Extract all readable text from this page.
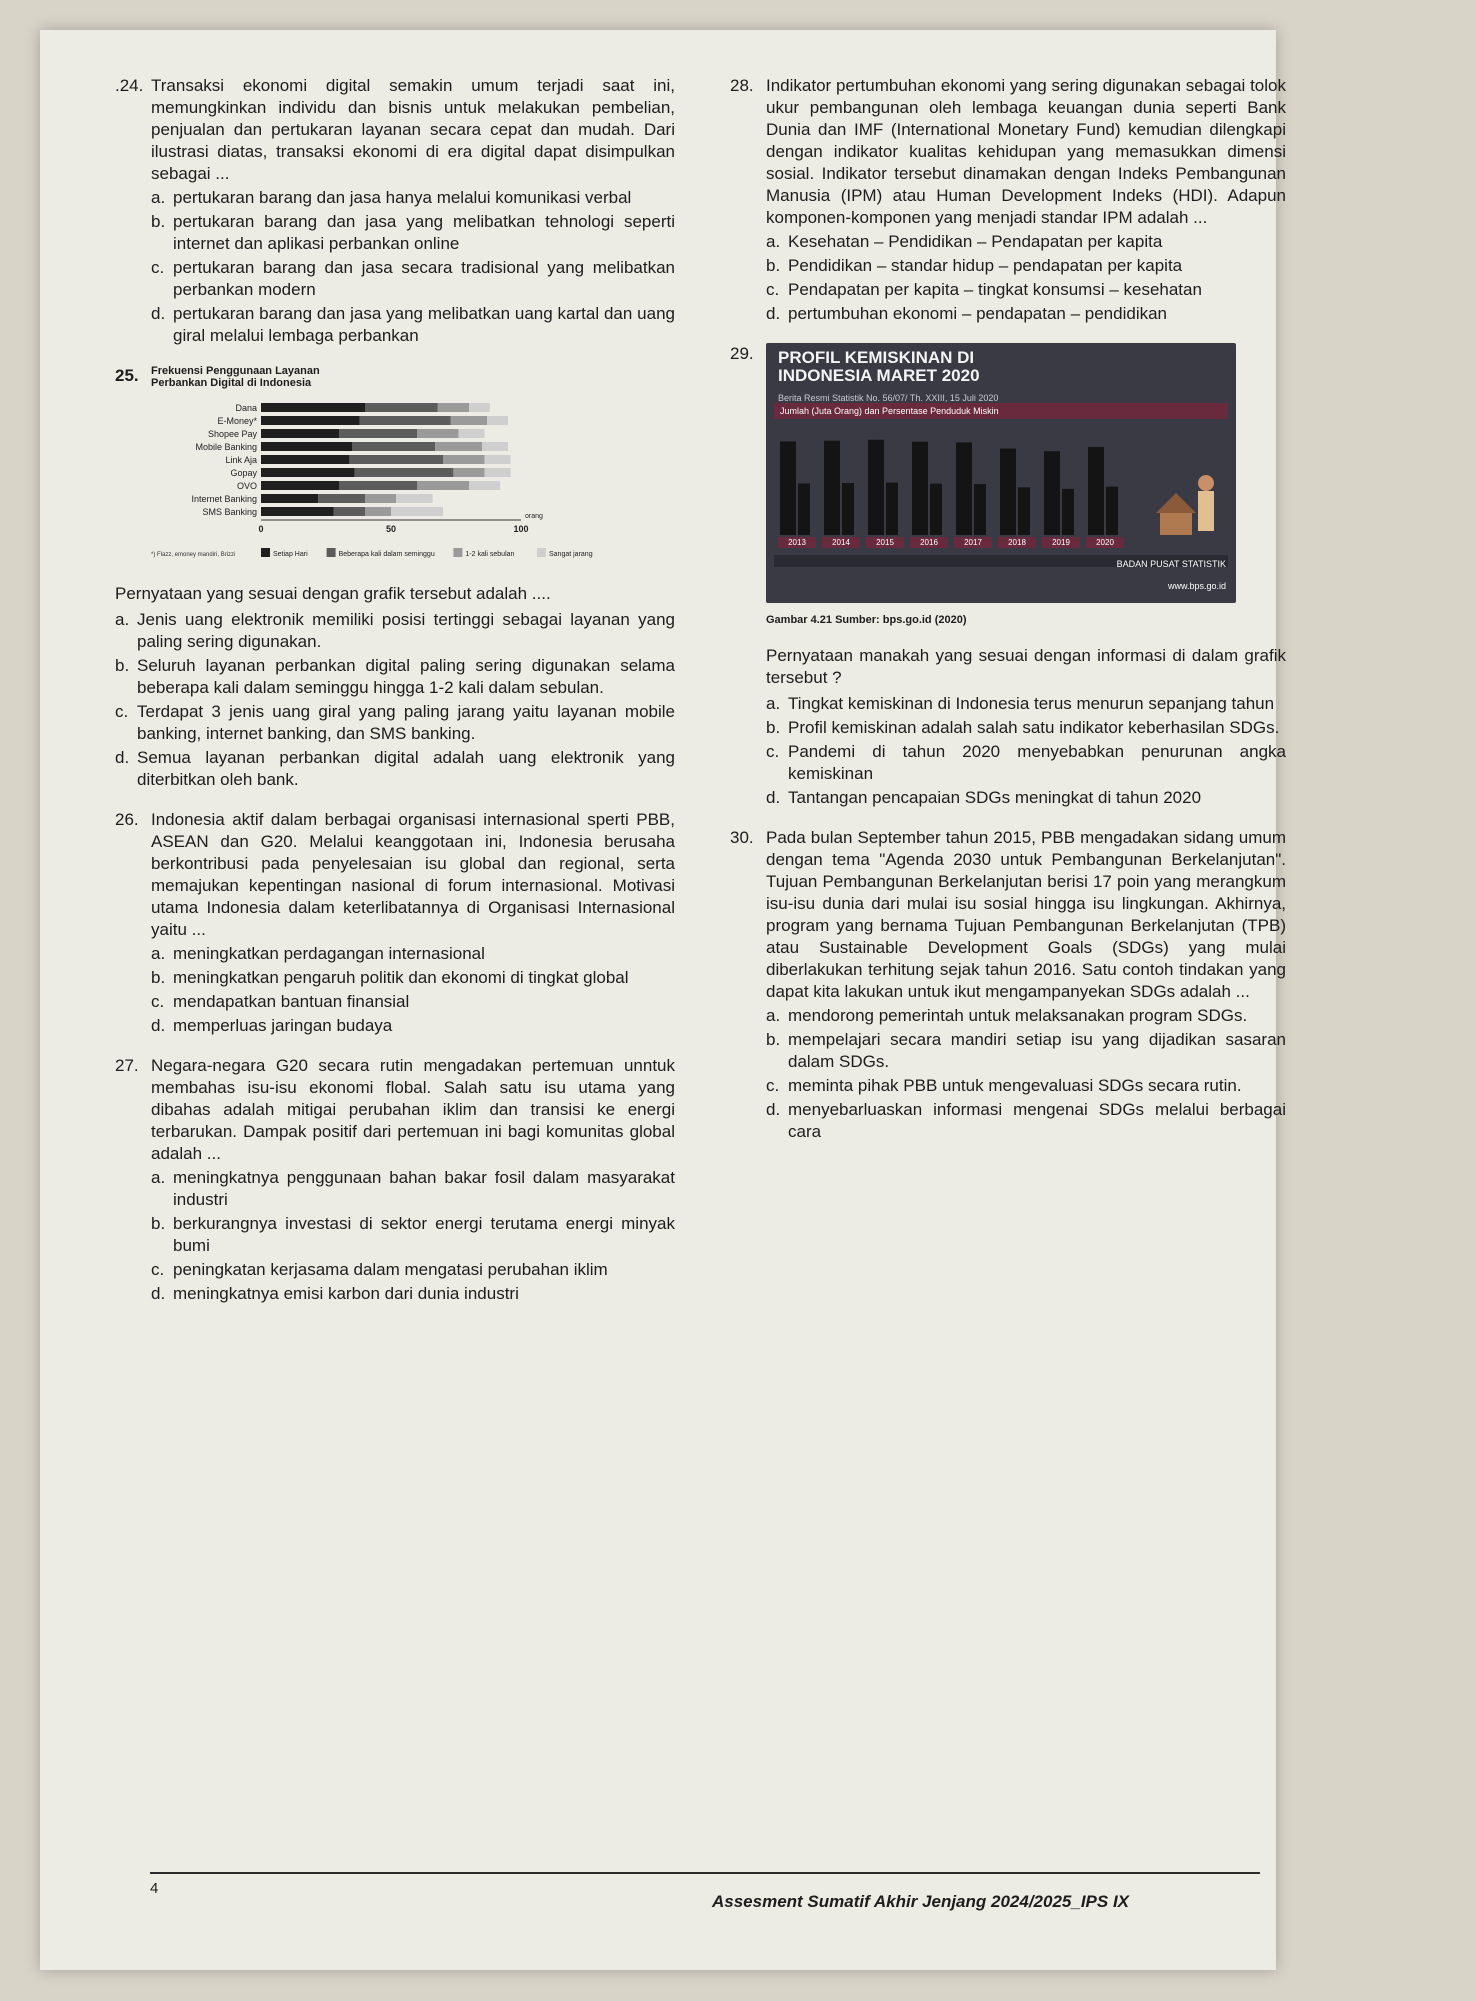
.24. Transaksi ekonomi digital semakin umum terjadi saat ini, memungkinkan individu dan bisnis untuk melakukan pembelian, penjualan dan pertukaran layanan secara cepat dan mudah. Dari ilustrasi diatas, transaksi ekonomi di era digital dapat disimpulkan sebagai ...
a. pertukaran barang dan jasa hanya melalui komunikasi verbal
b. pertukaran barang dan jasa yang melibatkan tehnologi seperti internet dan aplikasi perbankan online
c. pertukaran barang dan jasa secara tradisional yang melibatkan perbankan modern
d. pertukaran barang dan jasa yang melibatkan uang kartal dan uang giral melalui lembaga perbankan
25.	Frekuensi Penggunaan Layanan Perbankan Digital di Indonesia
Dana
E-Money*
Shopee Pay
Mobile Banking
Link Aja
Gopay
OVO
Internet Banking
SMS Banking
0	50	100
orang
*) Flazz, emoney mandiri, Brizzi	Setiap Hari	Beberapa kali dalam seminggu	1-2 kali sebulan	Sangat jarang
Pernyataan yang sesuai dengan grafik tersebut adalah ....
a. Jenis uang elektronik memiliki posisi tertinggi sebagai layanan yang paling sering digunakan.
b. Seluruh layanan perbankan digital paling sering digunakan selama beberapa kali dalam seminggu hingga 1-2 kali dalam sebulan.
c. Terdapat 3 jenis uang giral yang paling jarang yaitu layanan mobile banking, internet banking, dan SMS banking.
d. Semua layanan perbankan digital adalah uang elektronik yang diterbitkan oleh bank.
26. Indonesia aktif dalam berbagai organisasi internasional sperti PBB, ASEAN dan G20. Melalui keanggotaan ini, Indonesia berusaha berkontribusi pada penyelesaian isu global dan regional, serta memajukan kepentingan nasional di forum internasional. Motivasi utama Indonesia dalam keterlibatannya di Organisasi Internasional yaitu ...
a. meningkatkan perdagangan internasional
b. meningkatkan pengaruh politik dan ekonomi di tingkat global
c. mendapatkan bantuan finansial
d. memperluas jaringan budaya
27. Negara-negara G20 secara rutin mengadakan pertemuan unntuk membahas isu-isu ekonomi flobal. Salah satu isu utama yang dibahas adalah mitigai perubahan iklim dan transisi ke energi terbarukan. Dampak positif dari pertemuan ini bagi komunitas global adalah ...
a. meningkatnya penggunaan bahan bakar fosil dalam masyarakat industri
b. berkurangnya investasi di sektor energi terutama energi minyak bumi
c. peningkatan kerjasama dalam mengatasi perubahan iklim
d. meningkatnya emisi karbon dari dunia industri
28. Indikator pertumbuhan ekonomi yang sering digunakan sebagai tolok ukur pembangunan oleh lembaga keuangan dunia seperti Bank Dunia dan IMF (International Monetary Fund) kemudian dilengkapi dengan indikator kualitas kehidupan yang memasukkan dimensi sosial. Indikator tersebut dinamakan dengan Indeks Pembangunan Manusia (IPM) atau Human Development Indeks (HDI). Adapun komponen-komponen yang menjadi standar IPM adalah ...
a. Kesehatan – Pendidikan – Pendapatan per kapita
b. Pendidikan – standar hidup – pendapatan per kapita
c. Pendapatan per kapita – tingkat konsumsi – kesehatan
d. pertumbuhan ekonomi – pendapatan – pendidikan
29.	PROFIL KEMISKINAN DI INDONESIA MARET 2020
Berita Resmi Statistik No. 56/07/ Th. XXIII, 15 Juli 2020
Jumlah (Juta Orang) dan Persentase Penduduk Miskin
2013	2014	2015	2016	2017	2018	2019	2020
BADAN PUSAT STATISTIK
www.bps.go.id
Gambar 4.21 Sumber: bps.go.id (2020)
Pernyataan manakah yang sesuai dengan informasi di dalam grafik tersebut ?
a. Tingkat kemiskinan di Indonesia terus menurun sepanjang tahun
b. Profil kemiskinan adalah salah satu indikator keberhasilan SDGs.
c. Pandemi di tahun 2020 menyebabkan penurunan angka kemiskinan
d. Tantangan pencapaian SDGs meningkat di tahun 2020
30. Pada bulan September tahun 2015, PBB mengadakan sidang umum dengan tema "Agenda 2030 untuk Pembangunan Berkelanjutan". Tujuan Pembangunan Berkelanjutan berisi 17 poin yang merangkum isu-isu dunia dari mulai isu sosial hingga isu lingkungan. Akhirnya, program yang bernama Tujuan Pembangunan Berkelanjutan (TPB) atau Sustainable Development Goals (SDGs) yang mulai diberlakukan terhitung sejak tahun 2016. Satu contoh tindakan yang dapat kita lakukan untuk ikut mengampanyekan SDGs adalah ...
a. mendorong pemerintah untuk melaksanakan program SDGs.
b. mempelajari secara mandiri setiap isu yang dijadikan sasaran dalam SDGs.
c. meminta pihak PBB untuk mengevaluasi SDGs secara rutin.
d. menyebarluaskan informasi mengenai SDGs melalui berbagai cara
4
Assesment Sumatif Akhir Jenjang 2024/2025_IPS IX
